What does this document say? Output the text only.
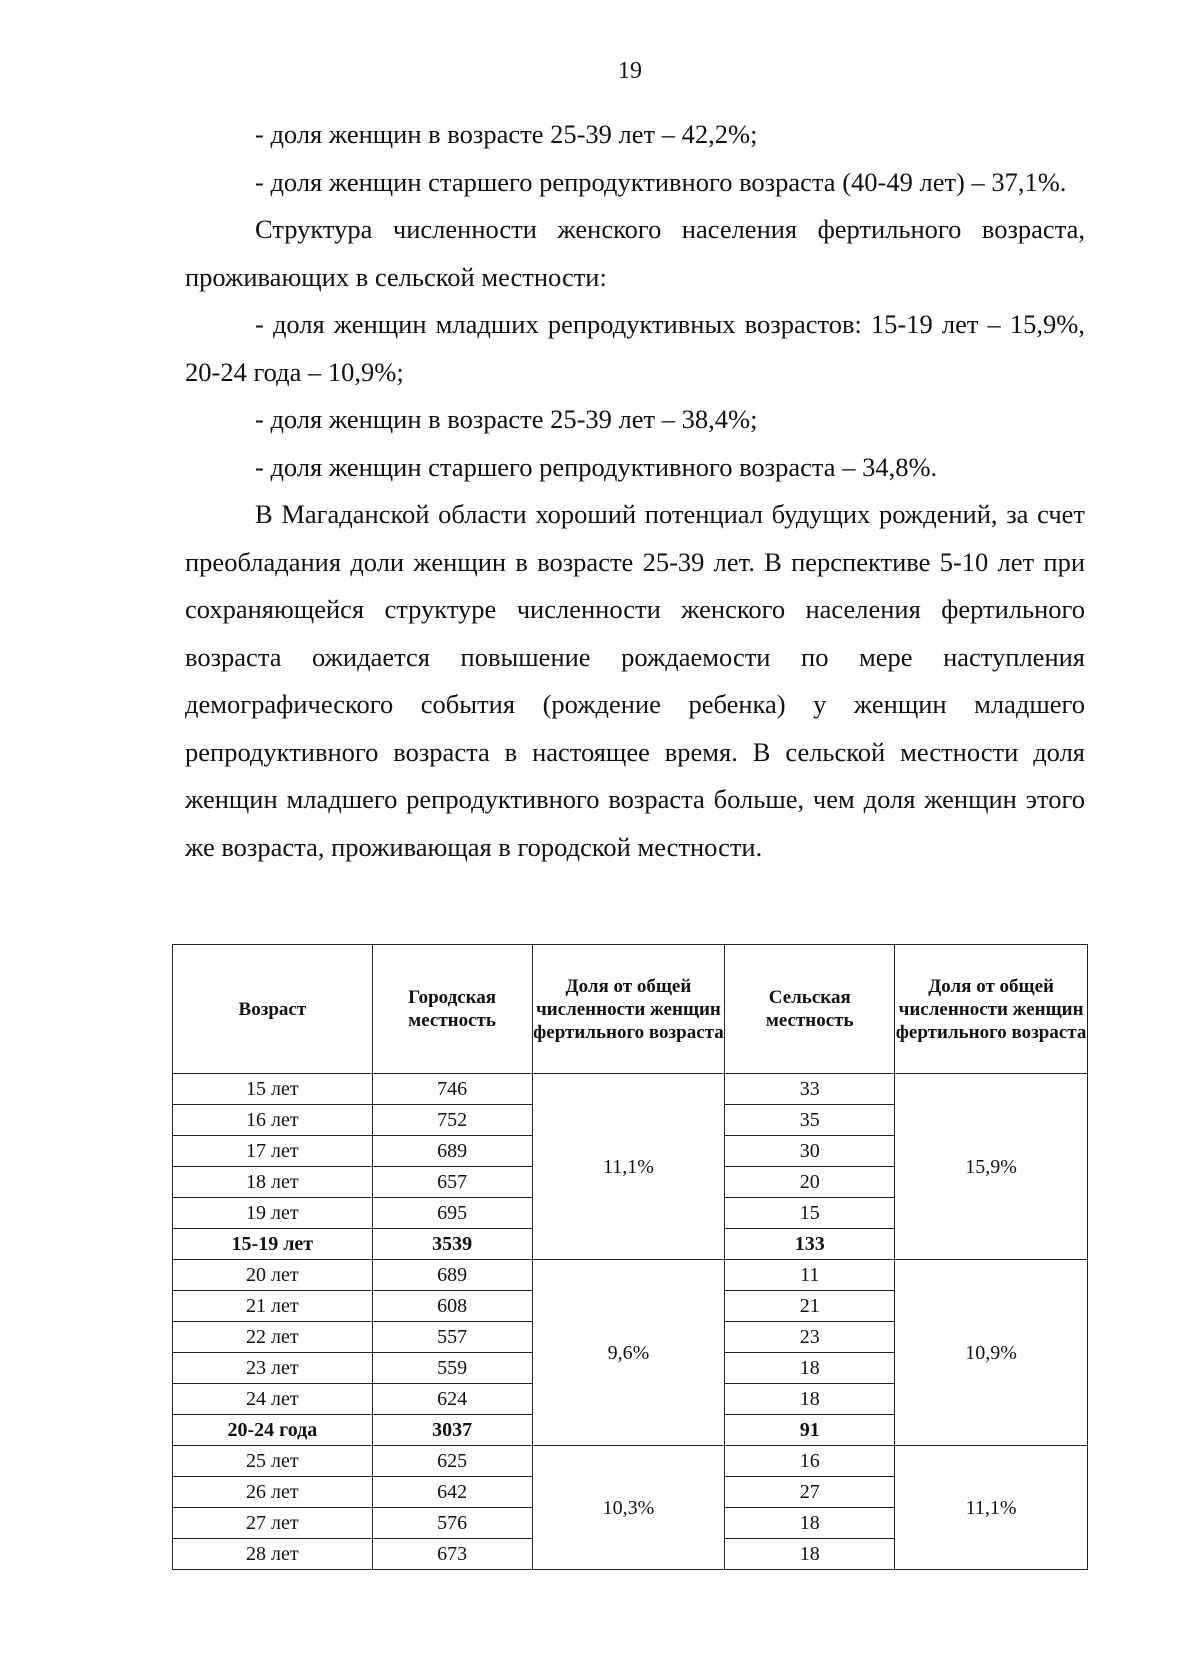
19

- доля женщин в возрасте 25-39 лет – 42,2%;

- доля женщин старшего репродуктивного возраста (40-49 лет) – 37,1%.

Структура численности женского населения фертильного возраста, проживающих в сельской местности:

- доля женщин младших репродуктивных возрастов: 15-19 лет – 15,9%, 20-24 года – 10,9%;

- доля женщин в возрасте 25-39 лет – 38,4%;

- доля женщин старшего репродуктивного возраста – 34,8%.

В Магаданской области хороший потенциал будущих рождений, за счет преобладания доли женщин в возрасте 25-39 лет. В перспективе 5-10 лет при сохраняющейся структуре численности женского населения фертильного возраста ожидается повышение рождаемости по мере наступления демографического события (рождение ребенка) у женщин младшего репродуктивного возраста в настоящее время. В сельской местности доля женщин младшего репродуктивного возраста больше, чем доля женщин этого же возраста, проживающая в городской местности.

Возраст	Городская местность	Доля от общей численности женщин фертильного возраста	Сельская местность	Доля от общей численности женщин фертильного возраста
15 лет	746	11,1%	33	15,9%
16 лет	752		35	
17 лет	689		30	
18 лет	657		20	
19 лет	695		15	
15-19 лет	3539		133	
20 лет	689	9,6%	11	10,9%
21 лет	608		21	
22 лет	557		23	
23 лет	559		18	
24 лет	624		18	
20-24 года	3037		91	
25 лет	625	10,3%	16	11,1%
26 лет	642		27	
27 лет	576		18	
28 лет	673		18	
